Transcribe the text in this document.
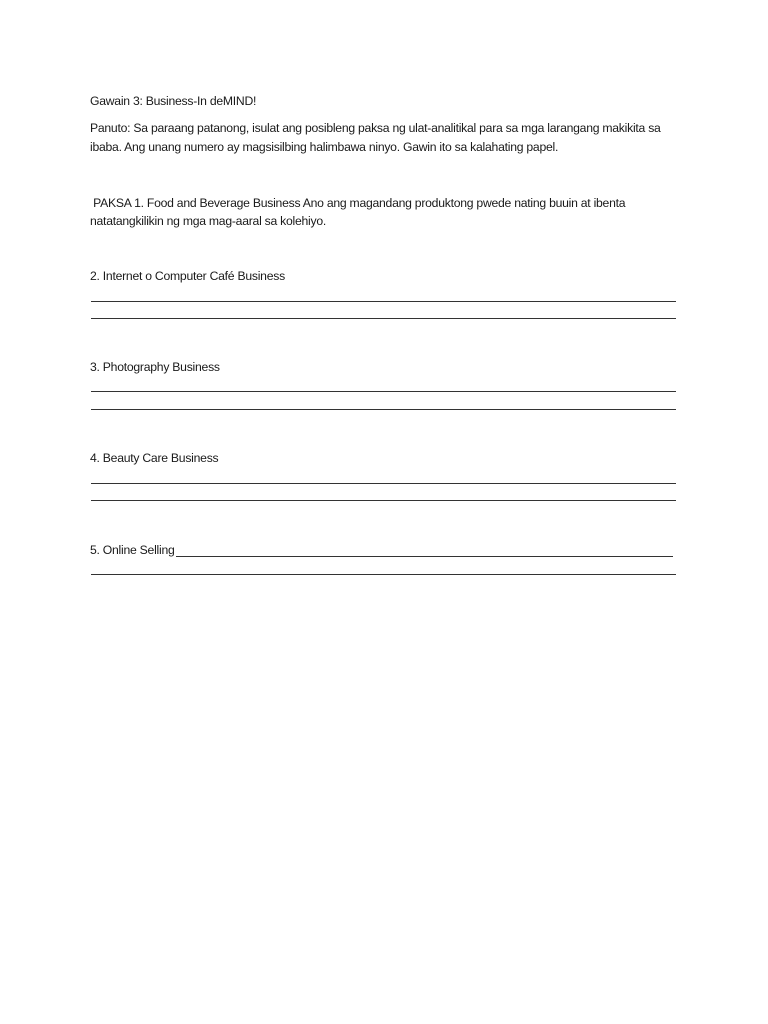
Gawain 3: Business-In deMIND!
Panuto: Sa paraang patanong, isulat ang posibleng paksa ng ulat-analitikal para sa mga larangang makikita sa
ibaba. Ang unang numero ay magsisilbing halimbawa ninyo. Gawin ito sa kalahating papel.
PAKSA 1. Food and Beverage Business Ano ang magandang produktong pwede nating buuin at ibenta
natatangkilikin ng mga mag-aaral sa kolehiyo.
2. Internet o Computer Café Business
3. Photography Business
4. Beauty Care Business
5. Online Selling
